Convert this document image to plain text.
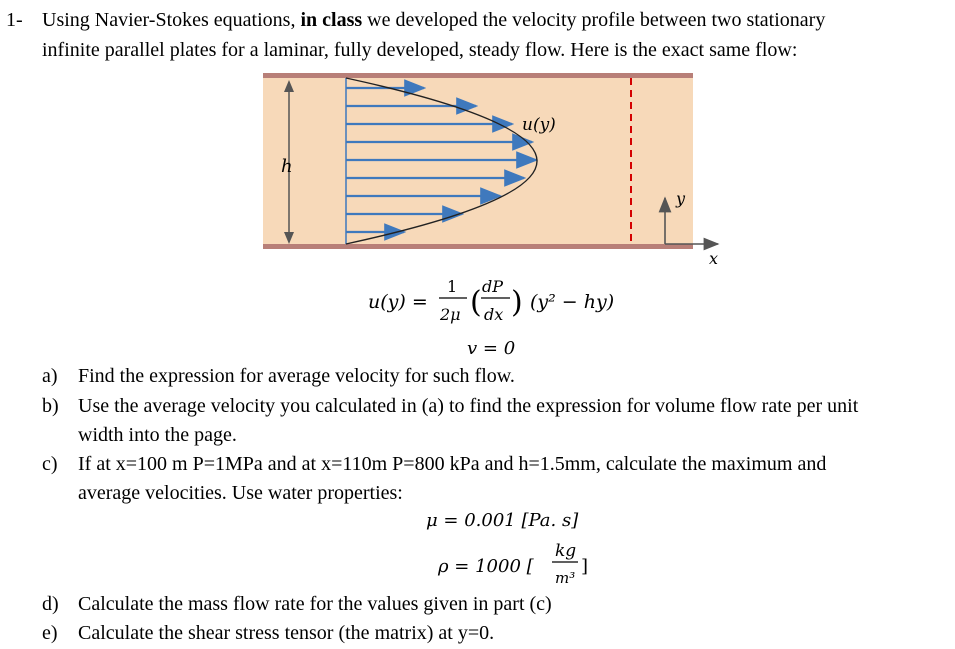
1- Using Navier-Stokes equations, in class we developed the velocity profile between two stationary
infinite parallel plates for a laminar, fully developed, steady flow. Here is the exact same flow:
h
u(y)
y
x
u(y) =
1
2μ ( dP
dx ) (y² − hy)
v = 0
μ = 0.001 [Pa. s]
ρ = 1000 [
kg
m³
]
a) Find the expression for average velocity for such flow.
b) Use the average velocity you calculated in (a) to find the expression for volume flow rate per unit
width into the page.
c) If at x=100 m P=1MPa and at x=110m P=800 kPa and h=1.5mm, calculate the maximum and
average velocities. Use water properties:
d) Calculate the mass flow rate for the values given in part (c)
e) Calculate the shear stress tensor (the matrix) at y=0.
